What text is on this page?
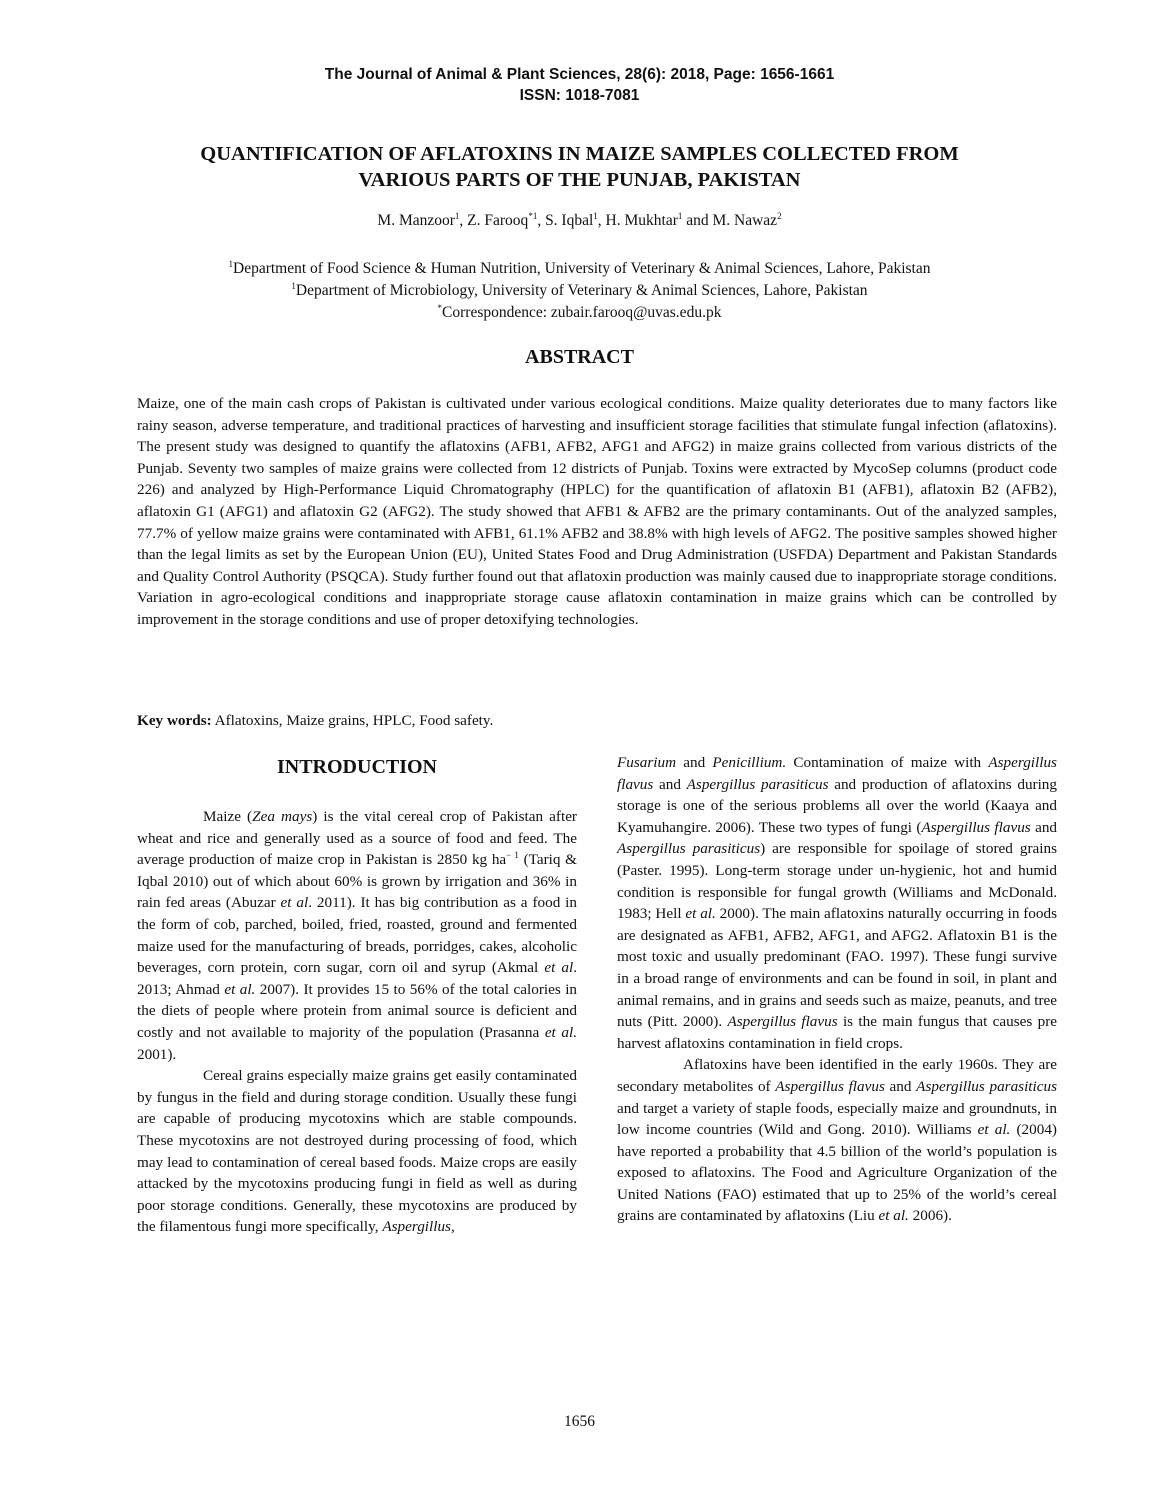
The Journal of Animal & Plant Sciences, 28(6): 2018, Page: 1656-1661
ISSN: 1018-7081
QUANTIFICATION OF AFLATOXINS IN MAIZE SAMPLES COLLECTED FROM
VARIOUS PARTS OF THE PUNJAB, PAKISTAN
M. Manzoor$^1$, Z. Farooq$^{*1}$, S. Iqbal$^1$, H. Mukhtar$^1$ and M. Nawaz$^2$
$^1$Department of Food Science & Human Nutrition, University of Veterinary & Animal Sciences, Lahore, Pakistan
$^1$Department of Microbiology, University of Veterinary & Animal Sciences, Lahore, Pakistan
*Correspondence: zubair.farooq@uvas.edu.pk
ABSTRACT
Maize, one of the main cash crops of Pakistan is cultivated under various ecological conditions. Maize quality deteriorates due to many factors like rainy season, adverse temperature, and traditional practices of harvesting and insufficient storage facilities that stimulate fungal infection (aflatoxins). The present study was designed to quantify the aflatoxins (AFB1, AFB2, AFG1 and AFG2) in maize grains collected from various districts of the Punjab. Seventy two samples of maize grains were collected from 12 districts of Punjab. Toxins were extracted by MycoSep columns (product code 226) and analyzed by High-Performance Liquid Chromatography (HPLC) for the quantification of aflatoxin B1 (AFB1), aflatoxin B2 (AFB2), aflatoxin G1 (AFG1) and aflatoxin G2 (AFG2). The study showed that AFB1 & AFB2 are the primary contaminants. Out of the analyzed samples, 77.7% of yellow maize grains were contaminated with AFB1, 61.1% AFB2 and 38.8% with high levels of AFG2. The positive samples showed higher than the legal limits as set by the European Union (EU), United States Food and Drug Administration (USFDA) Department and Pakistan Standards and Quality Control Authority (PSQCA). Study further found out that aflatoxin production was mainly caused due to inappropriate storage conditions. Variation in agro-ecological conditions and inappropriate storage cause aflatoxin contamination in maize grains which can be controlled by improvement in the storage conditions and use of proper detoxifying technologies.
Key words: Aflatoxins, Maize grains, HPLC, Food safety.
INTRODUCTION

Maize (Zea mays) is the vital cereal crop of Pakistan after wheat and rice and generally used as a source of food and feed. The average production of maize crop in Pakistan is 2850 kg $ha^{- 1}$ (Tariq & Iqbal 2010) out of which about 60% is grown by irrigation and 36% in rain fed areas (Abuzar et al. 2011). It has big contribution as a food in the form of cob, parched, boiled, fried, roasted, ground and fermented maize used for the manufacturing of breads, porridges, cakes, alcoholic beverages, corn protein, corn sugar, corn oil and syrup (Akmal et al. 2013; Ahmad et al. 2007). It provides 15 to 56% of the total calories in the diets of people where protein from animal source is deficient and costly and not available to majority of the population (Prasanna et al. 2001).

Cereal grains especially maize grains get easily contaminated by fungus in the field and during storage condition. Usually these fungi are capable of producing mycotoxins which are stable compounds. These mycotoxins are not destroyed during processing of food, which may lead to contamination of cereal based foods. Maize crops are easily attacked by the mycotoxins producing fungi in field as well as during poor storage conditions. Generally, these mycotoxins are produced by the filamentous fungi more specifically, Aspergillus,

Fusarium and Penicillium. Contamination of maize with Aspergillus flavus and Aspergillus parasiticus and production of aflatoxins during storage is one of the serious problems all over the world (Kaaya and Kyamuhangire. 2006). These two types of fungi (Aspergillus flavus and Aspergillus parasiticus) are responsible for spoilage of stored grains (Paster. 1995). Long-term storage under un-hygienic, hot and humid condition is responsible for fungal growth (Williams and McDonald. 1983; Hell et al. 2000). The main aflatoxins naturally occurring in foods are designated as AFB1, AFB2, AFG1, and AFG2. Aflatoxin B1 is the most toxic and usually predominant (FAO. 1997). These fungi survive in a broad range of environments and can be found in soil, in plant and animal remains, and in grains and seeds such as maize, peanuts, and tree nuts (Pitt. 2000). Aspergillus flavus is the main fungus that causes pre harvest aflatoxins contamination in field crops.

Aflatoxins have been identified in the early 1960s. They are secondary metabolites of Aspergillus flavus and Aspergillus parasiticus and target a variety of staple foods, especially maize and groundnuts, in low income countries (Wild and Gong. 2010). Williams et al. (2004) have reported a probability that 4.5 billion of the world’s population is exposed to aflatoxins. The Food and Agriculture Organization of the United Nations (FAO) estimated that up to 25% of the world’s cereal grains are contaminated by aflatoxins (Liu et al. 2006).

1656
